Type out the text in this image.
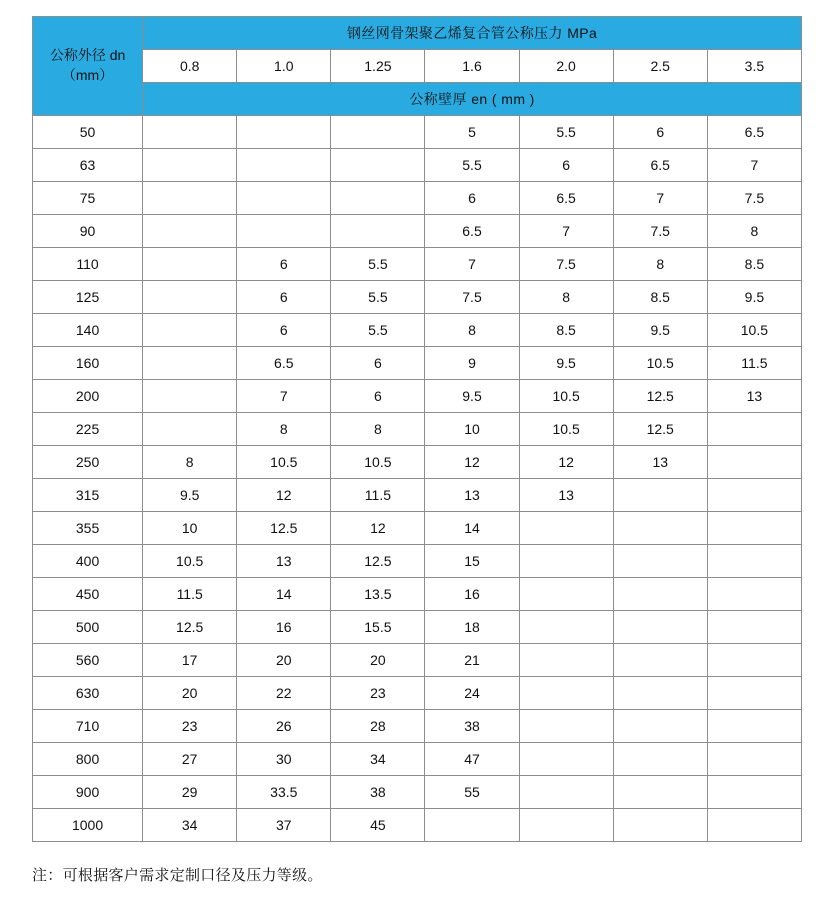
公称外径 dn
（mm）	钢丝网骨架聚乙烯复合管公称压力 MPa						
	0.8	1.0	1.25	1.6	2.0	2.5	3.5
	公称壁厚 en ( mm )						
50				5	5.5	6	6.5
63				5.5	6	6.5	7
75				6	6.5	7	7.5
90				6.5	7	7.5	8
110		6	5.5	7	7.5	8	8.5
125		6	5.5	7.5	8	8.5	9.5
140		6	5.5	8	8.5	9.5	10.5
160		6.5	6	9	9.5	10.5	11.5
200		7	6	9.5	10.5	12.5	13
225		8	8	10	10.5	12.5	
250	8	10.5	10.5	12	12	13	
315	9.5	12	11.5	13	13		
355	10	12.5	12	14			
400	10.5	13	12.5	15			
450	11.5	14	13.5	16			
500	12.5	16	15.5	18			
560	17	20	20	21			
630	20	22	23	24			
710	23	26	28	38			
800	27	30	34	47			
900	29	33.5	38	55			
1000	34	37	45				
注：可根据客户需求定制口径及压力等级。
